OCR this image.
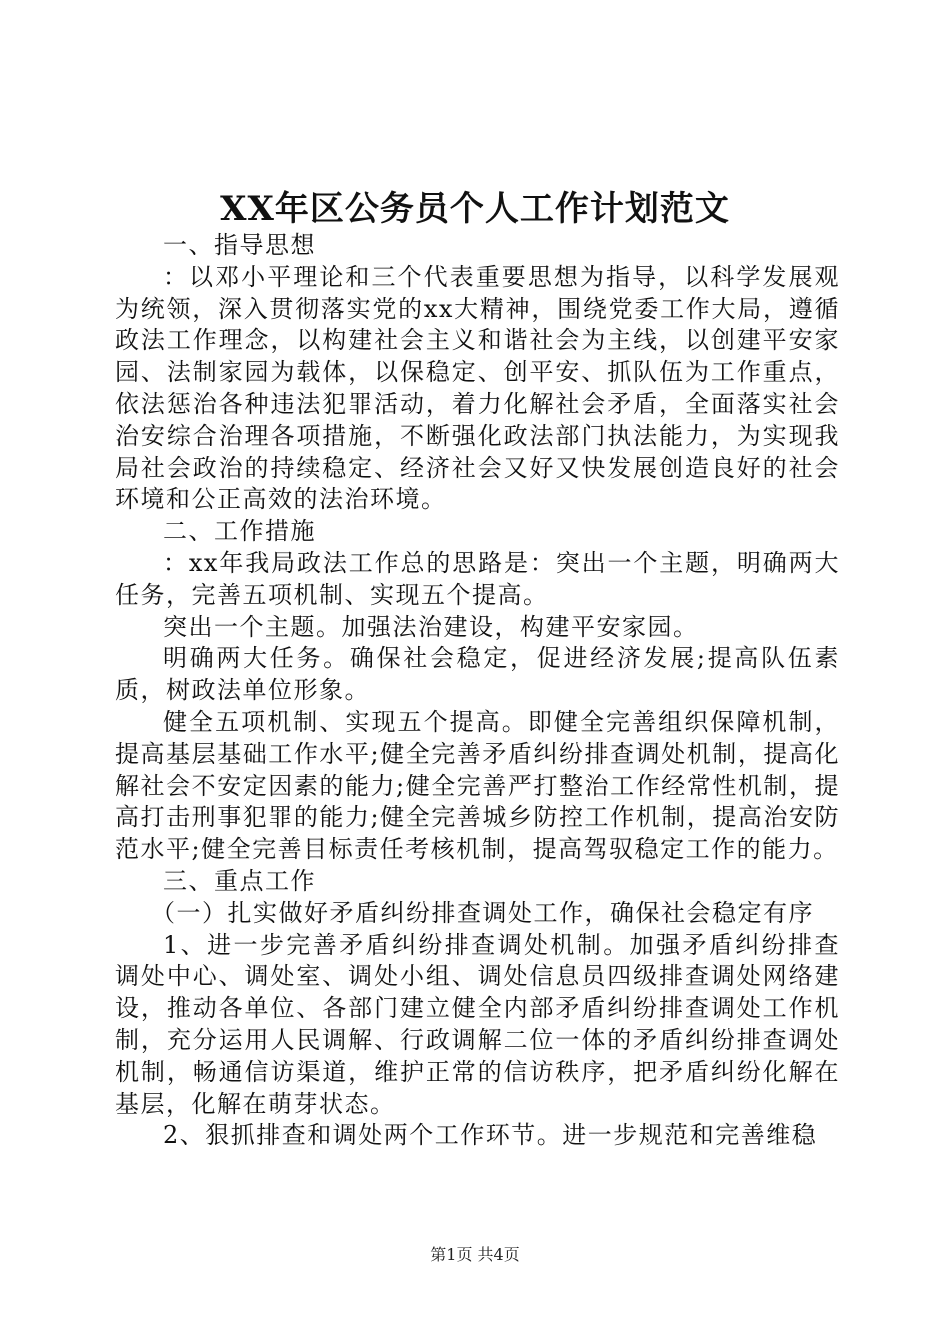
XX年区公务员个人工作计划范文

一、指导思想

：以邓小平理论和三个代表重要思想为指导，以科学发展观为统领，深入贯彻落实党的xx大精神，围绕党委工作大局，遵循政法工作理念，以构建社会主义和谐社会为主线，以创建平安家园、法制家园为载体，以保稳定、创平安、抓队伍为工作重点，依法惩治各种违法犯罪活动，着力化解社会矛盾，全面落实社会治安综合治理各项措施，不断强化政法部门执法能力，为实现我局社会政治的持续稳定、经济社会又好又快发展创造良好的社会环境和公正高效的法治环境。

二、工作措施

：xx年我局政法工作总的思路是：突出一个主题，明确两大任务，完善五项机制、实现五个提高。

突出一个主题。加强法治建设，构建平安家园。

明确两大任务。确保社会稳定，促进经济发展;提高队伍素质，树政法单位形象。

健全五项机制、实现五个提高。即健全完善组织保障机制，提高基层基础工作水平;健全完善矛盾纠纷排查调处机制，提高化解社会不安定因素的能力;健全完善严打整治工作经常性机制，提高打击刑事犯罪的能力;健全完善城乡防控工作机制，提高治安防范水平;健全完善目标责任考核机制，提高驾驭稳定工作的能力。

三、重点工作

（一）扎实做好矛盾纠纷排查调处工作，确保社会稳定有序

1、进一步完善矛盾纠纷排查调处机制。加强矛盾纠纷排查调处中心、调处室、调处小组、调处信息员四级排查调处网络建设，推动各单位、各部门建立健全内部矛盾纠纷排查调处工作机制，充分运用人民调解、行政调解二位一体的矛盾纠纷排查调处机制，畅通信访渠道，维护正常的信访秩序，把矛盾纠纷化解在基层，化解在萌芽状态。

2、狠抓排查和调处两个工作环节。进一步规范和完善维稳

第1页 共4页
